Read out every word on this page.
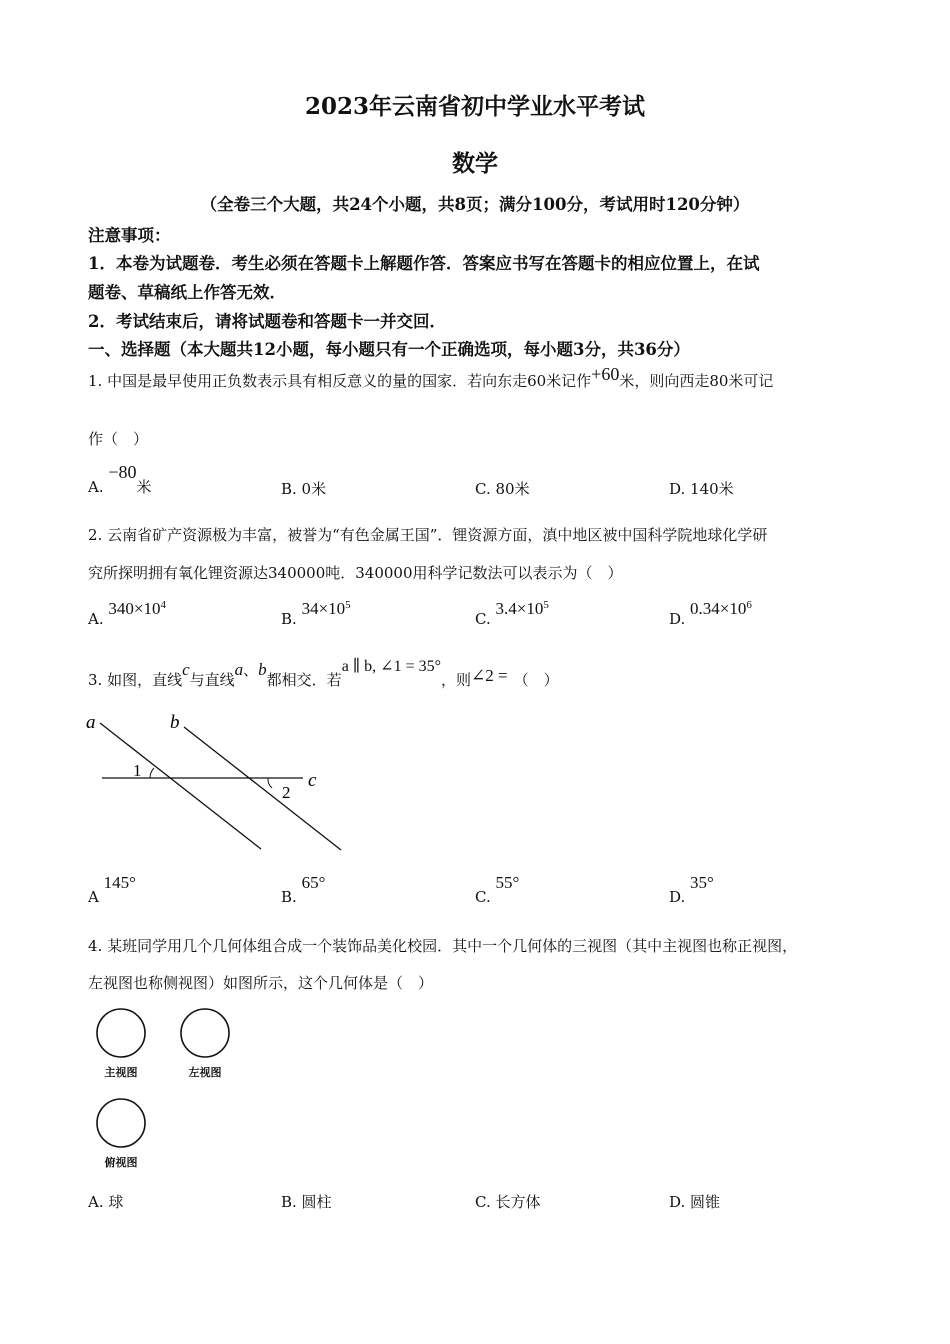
2023年云南省初中学业水平考试
数学
（全卷三个大题，共24个小题，共8页；满分100分，考试用时120分钟）
注意事项：
1．本卷为试题卷．考生必须在答题卡上解题作答．答案应书写在答题卡的相应位置上，在试
题卷、草稿纸上作答无效．
2．考试结束后，请将试题卷和答题卡一并交回．
一、选择题（本大题共12小题，每小题只有一个正确选项，每小题3分，共36分）
1. 中国是最早使用正负数表示具有相反意义的量的国家．若向东走60米记作+60米，则向西走80米可记
作（　）
A. −80米	B. 0米	C. 80米	D. 140米
2. 云南省矿产资源极为丰富，被誉为“有色金属王国”．锂资源方面，滇中地区被中国科学院地球化学研
究所探明拥有氧化锂资源达340000吨．340000用科学记数法可以表示为（　）
A. $340\times 10^4$
B. $34\times 10^5$
C. $3.4\times 10^5$
D. $0.34\times 10^6$
3. 如图，直线c与直线a、b都相交．若a ∥ b, ∠1 = 35°，则∠2 = （　）
a	b
c
1
2
A 145°
B. 65°
C. 55°
D. 35°
4. 某班同学用几个几何体组合成一个装饰品美化校园．其中一个几何体的三视图（其中主视图也称正视图，
左视图也称侧视图）如图所示，这个几何体是（　）
主视图	左视图
俯视图
A. 球	B. 圆柱	C. 长方体	D. 圆锥
